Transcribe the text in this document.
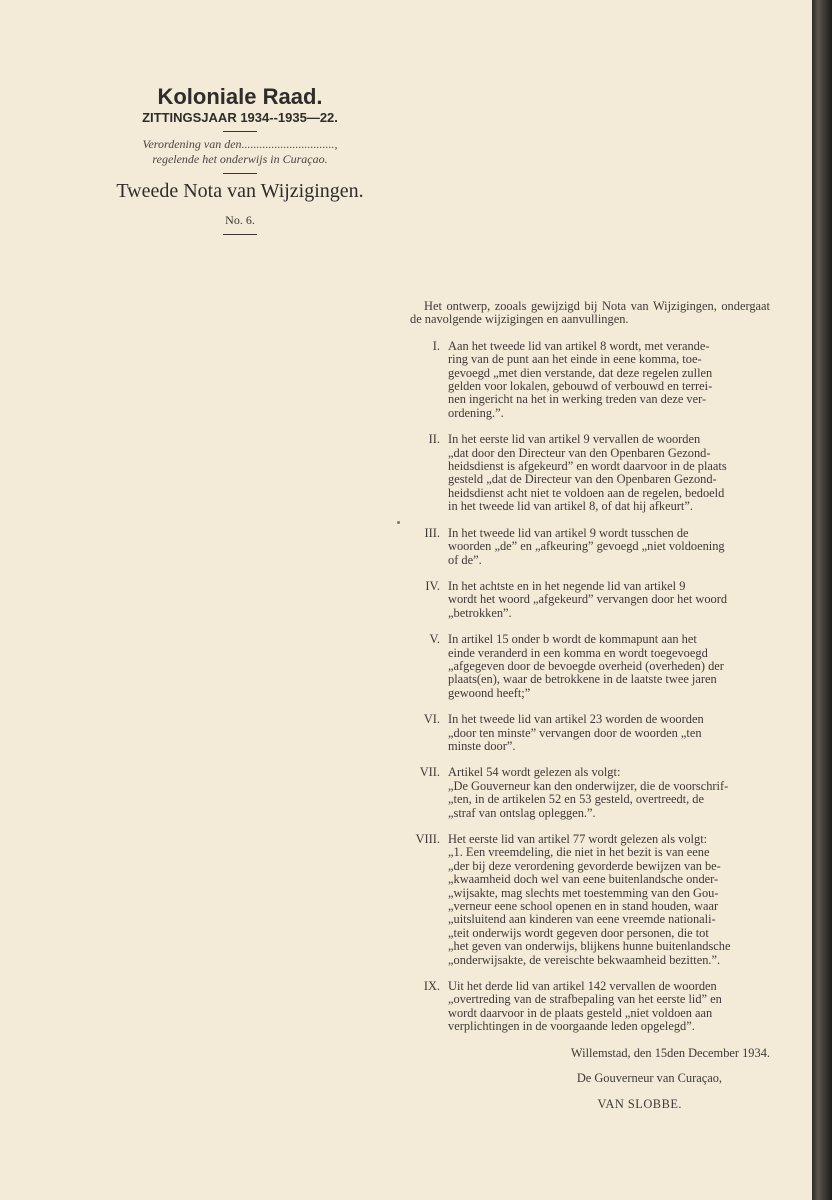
Koloniale Raad.
ZITTINGSJAAR 1934--1935—22.
Verordening van den...............................,
regelende het onderwijs in Curaçao.
Tweede Nota van Wijzigingen.
No. 6.

Het ontwerp, zooals gewijzigd bij Nota van Wijzigingen, ondergaat de navolgende wijzigingen en aanvullingen.

I. Aan het tweede lid van artikel 8 wordt, met verande-
ring van de punt aan het einde in eene komma, toe-
gevoegd „met dien verstande, dat deze regelen zullen
gelden voor lokalen, gebouwd of verbouwd en terrei-
nen ingericht na het in werking treden van deze ver-
ordening.”.
II. In het eerste lid van artikel 9 vervallen de woorden
„dat door den Directeur van den Openbaren Gezond-
heidsdienst is afgekeurd” en wordt daarvoor in de plaats
gesteld „dat de Directeur van den Openbaren Gezond-
heidsdienst acht niet te voldoen aan de regelen, bedoeld
in het tweede lid van artikel 8, of dat hij afkeurt”.
III. In het tweede lid van artikel 9 wordt tusschen de
woorden „de” en „afkeuring” gevoegd „niet voldoening
of de”.
IV. In het achtste en in het negende lid van artikel 9
wordt het woord „afgekeurd” vervangen door het woord
„betrokken”.
V. In artikel 15 onder b wordt de kommapunt aan het
einde veranderd in een komma en wordt toegevoegd
„afgegeven door de bevoegde overheid (overheden) der
plaats(en), waar de betrokkene in de laatste twee jaren
gewoond heeft;”
VI. In het tweede lid van artikel 23 worden de woorden
„door ten minste” vervangen door de woorden „ten
minste door”.
VII. Artikel 54 wordt gelezen als volgt:
„De Gouverneur kan den onderwijzer, die de voorschrif-
„ten, in de artikelen 52 en 53 gesteld, overtreedt, de
„straf van ontslag opleggen.”.
VIII. Het eerste lid van artikel 77 wordt gelezen als volgt:
„1. Een vreemdeling, die niet in het bezit is van eene
„der bij deze verordening gevorderde bewijzen van be-
„kwaamheid doch wel van eene buitenlandsche onder-
„wijsakte, mag slechts met toestemming van den Gou-
„verneur eene school openen en in stand houden, waar
„uitsluitend aan kinderen van eene vreemde nationali-
„teit onderwijs wordt gegeven door personen, die tot
„het geven van onderwijs, blijkens hunne buitenlandsche
„onderwijsakte, de vereischte bekwaamheid bezitten.”.
IX. Uit het derde lid van artikel 142 vervallen de woorden
„overtreding van de strafbepaling van het eerste lid” en
wordt daarvoor in de plaats gesteld „niet voldoen aan
verplichtingen in de voorgaande leden opgelegd”.
Willemstad, den 15den December 1934.
De Gouverneur van Curaçao,
VAN SLOBBE.
